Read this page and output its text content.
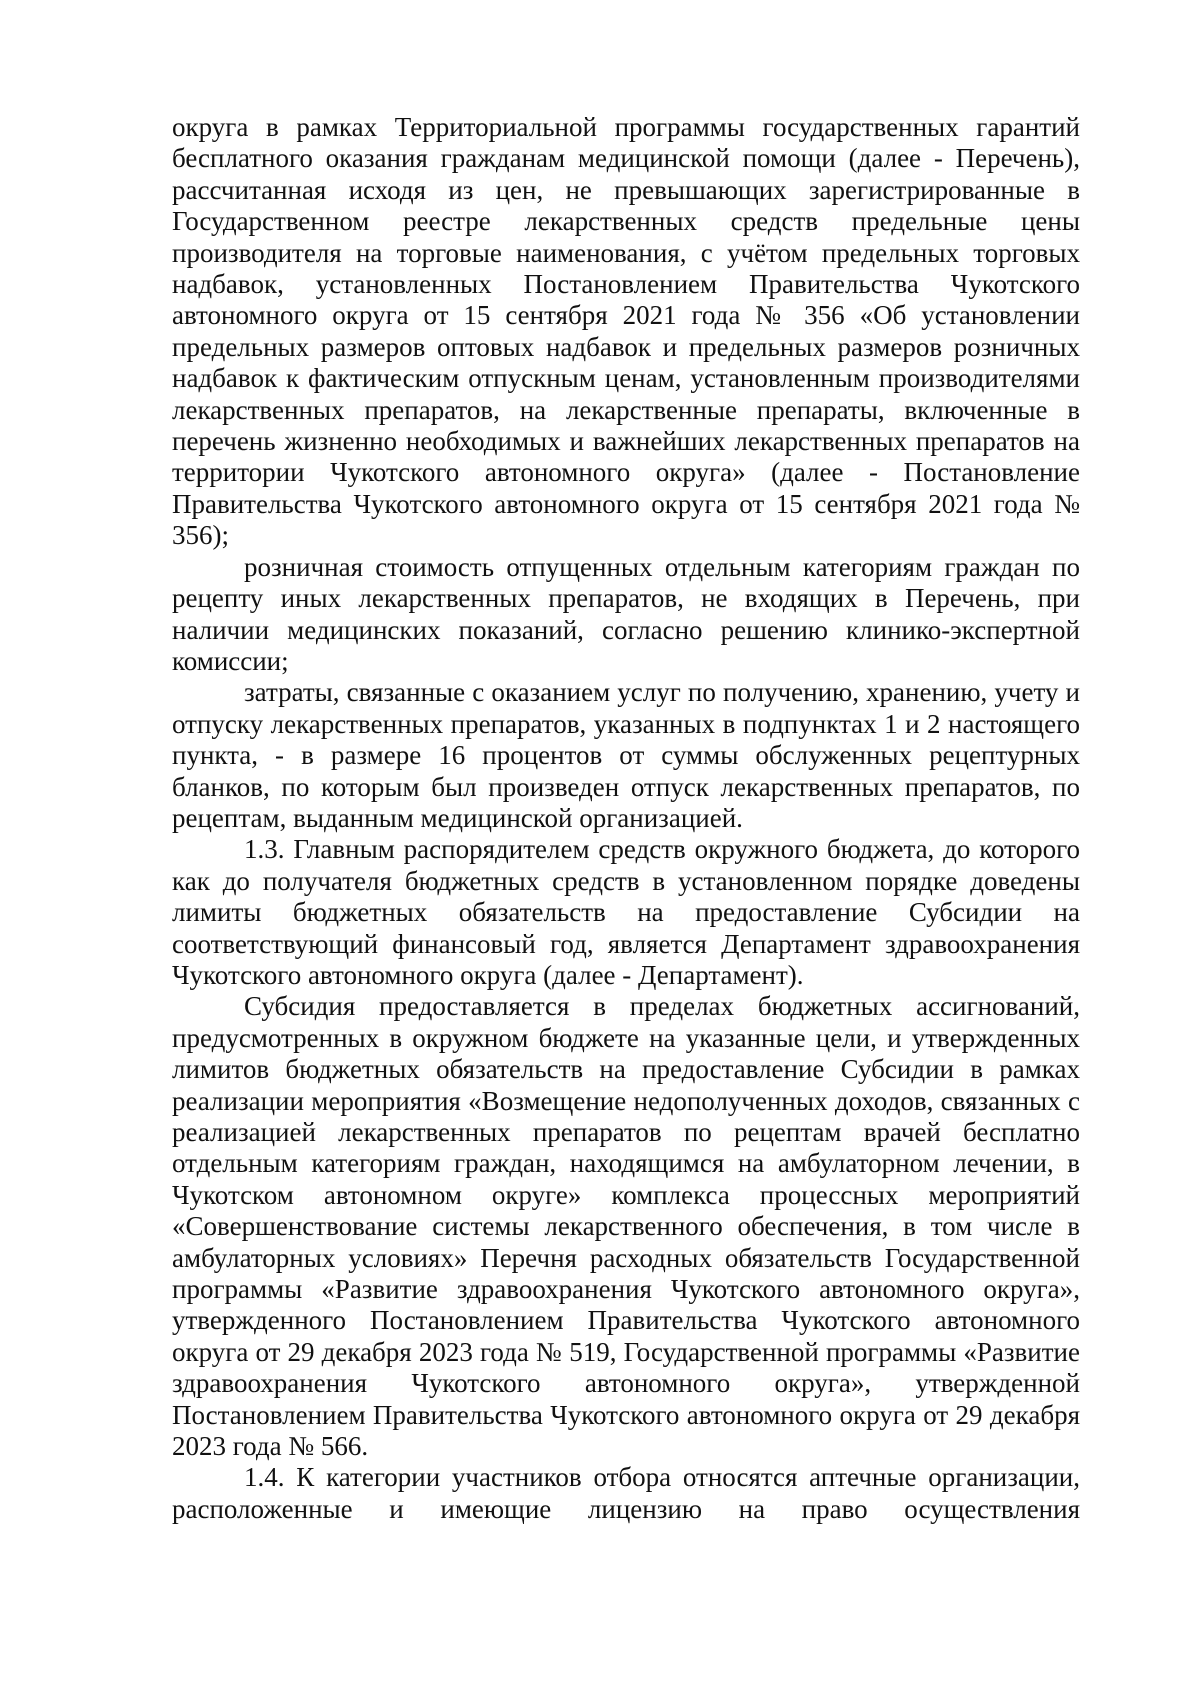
округа в рамках Территориальной программы государственных гарантий бесплатного оказания гражданам медицинской помощи (далее - Перечень), рассчитанная исходя из цен, не превышающих зарегистрированные в Государственном реестре лекарственных средств предельные цены производителя на торговые наименования, с учётом предельных торговых надбавок, установленных Постановлением Правительства Чукотского автономного округа от 15 сентября 2021 года № 356 «Об установлении предельных размеров оптовых надбавок и предельных размеров розничных надбавок к фактическим отпускным ценам, установленным производителями лекарственных препаратов, на лекарственные препараты, включенные в перечень жизненно необходимых и важнейших лекарственных препаратов на территории Чукотского автономного округа» (далее - Постановление Правительства Чукотского автономного округа от 15 сентября 2021 года № 356);

розничная стоимость отпущенных отдельным категориям граждан по рецепту иных лекарственных препаратов, не входящих в Перечень, при наличии медицинских показаний, согласно решению клинико-экспертной комиссии;

затраты, связанные с оказанием услуг по получению, хранению, учету и отпуску лекарственных препаратов, указанных в подпунктах 1 и 2 настоящего пункта, - в размере 16 процентов от суммы обслуженных рецептурных бланков, по которым был произведен отпуск лекарственных препаратов, по рецептам, выданным медицинской организацией.

1.3. Главным распорядителем средств окружного бюджета, до которого как до получателя бюджетных средств в установленном порядке доведены лимиты бюджетных обязательств на предоставление Субсидии на соответствующий финансовый год, является Департамент здравоохранения Чукотского автономного округа (далее - Департамент).

Субсидия предоставляется в пределах бюджетных ассигнований, предусмотренных в окружном бюджете на указанные цели, и утвержденных лимитов бюджетных обязательств на предоставление Субсидии в рамках реализации мероприятия «Возмещение недополученных доходов, связанных с реализацией лекарственных препаратов по рецептам врачей бесплатно отдельным категориям граждан, находящимся на амбулаторном лечении, в Чукотском автономном округе» комплекса процессных мероприятий «Совершенствование системы лекарственного обеспечения, в том числе в амбулаторных условиях» Перечня расходных обязательств Государственной программы «Развитие здравоохранения Чукотского автономного округа», утвержденного Постановлением Правительства Чукотского автономного округа от 29 декабря 2023 года № 519, Государственной программы «Развитие здравоохранения Чукотского автономного округа», утвержденной Постановлением Правительства Чукотского автономного округа от 29 декабря 2023 года № 566.

1.4. К категории участников отбора относятся аптечные организации, расположенные и имеющие лицензию на право осуществления
